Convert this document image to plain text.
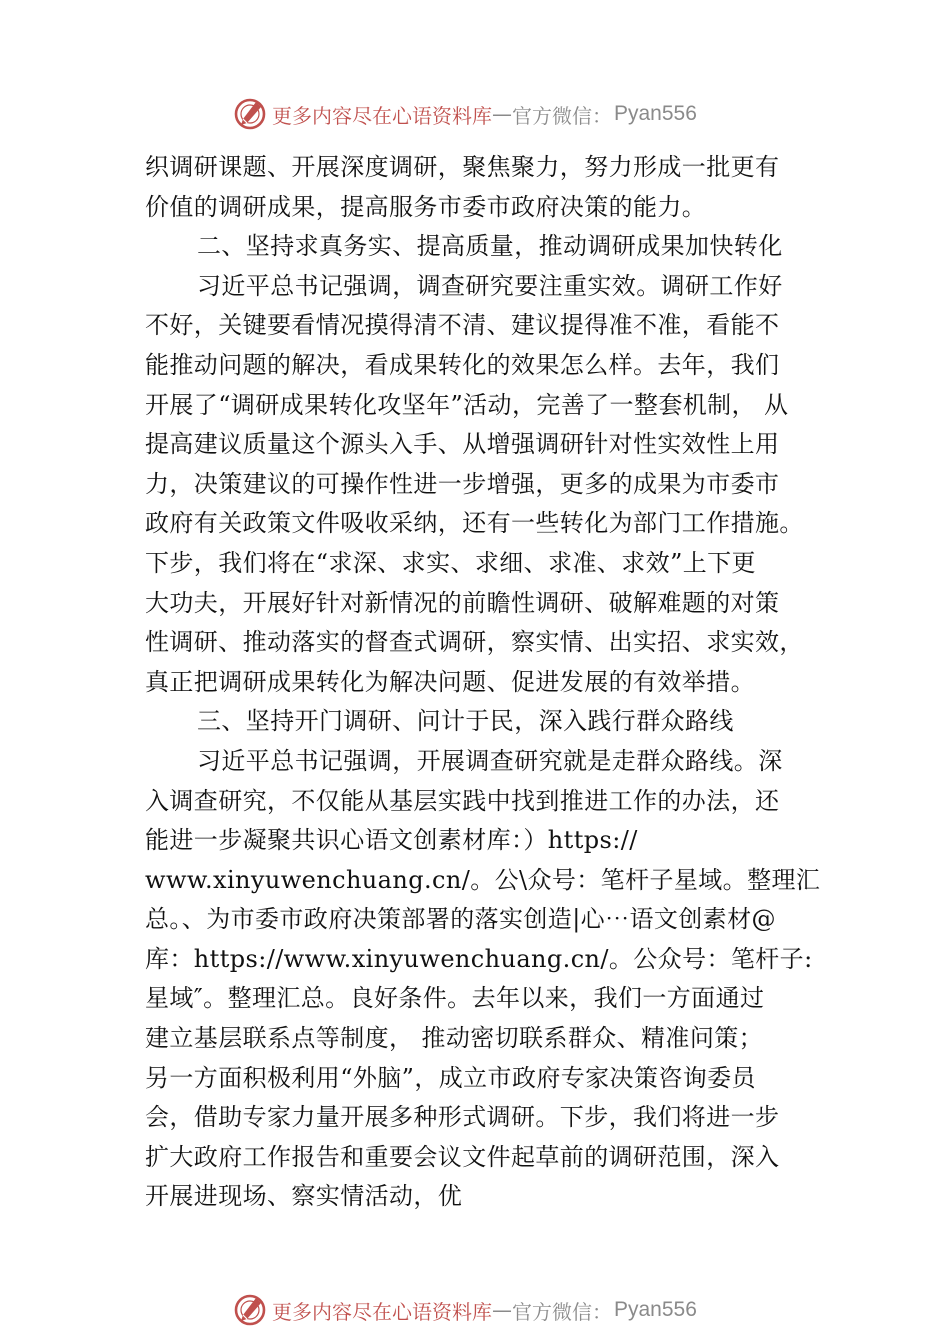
更多内容尽在心语资料库 — 官方微信： Pyan556
织调研课题、开展深度调研，聚焦聚力，努力形成一批更有
价值的调研成果，提高服务市委市政府决策的能力。
二、坚持求真务实、提高质量，推动调研成果加快转化
习近平总书记强调，调查研究要注重实效。调研工作好
不好，关键要看情况摸得清不清、建议提得准不准，看能不
能推动问题的解决，看成果转化的效果怎么样。去年，我们
开展了“调研成果转化攻坚年”活动，完善了一整套机制， 从
提高建议质量这个源头入手、从增强调研针对性实效性上用
力，决策建议的可操作性进一步增强，更多的成果为市委市
政府有关政策文件吸收采纳，还有一些转化为部门工作措施。
下步，我们将在“求深、求实、求细、求准、求效”上下更
大功夫，开展好针对新情况的前瞻性调研、破解难题的对策
性调研、推动落实的督查式调研，察实情、出实招、求实效，
真正把调研成果转化为解决问题、促进发展的有效举措。
三、坚持开门调研、问计于民，深入践行群众路线
习近平总书记强调，开展调查研究就是走群众路线。深
入调查研究，不仅能从基层实践中找到推进工作的办法，还
能进一步凝聚共识心语文创素材库：）https://
www.xinyuwenchuang.cn/。公\众号：笔杆子星域。整理汇
总。、为市委市政府决策部署的落实创造|心⋯语文创素材@
库：https://www.xinyuwenchuang.cn/。公众号：笔杆子:
星域″。整理汇总。良好条件。去年以来，我们一方面通过
建立基层联系点等制度， 推动密切联系群众、精准问策；
另一方面积极利用“外脑”，成立市政府专家决策咨询委员
会，借助专家力量开展多种形式调研。下步，我们将进一步
扩大政府工作报告和重要会议文件起草前的调研范围，深入
开展进现场、察实情活动，优
更多内容尽在心语资料库 — 官方微信： Pyan556
